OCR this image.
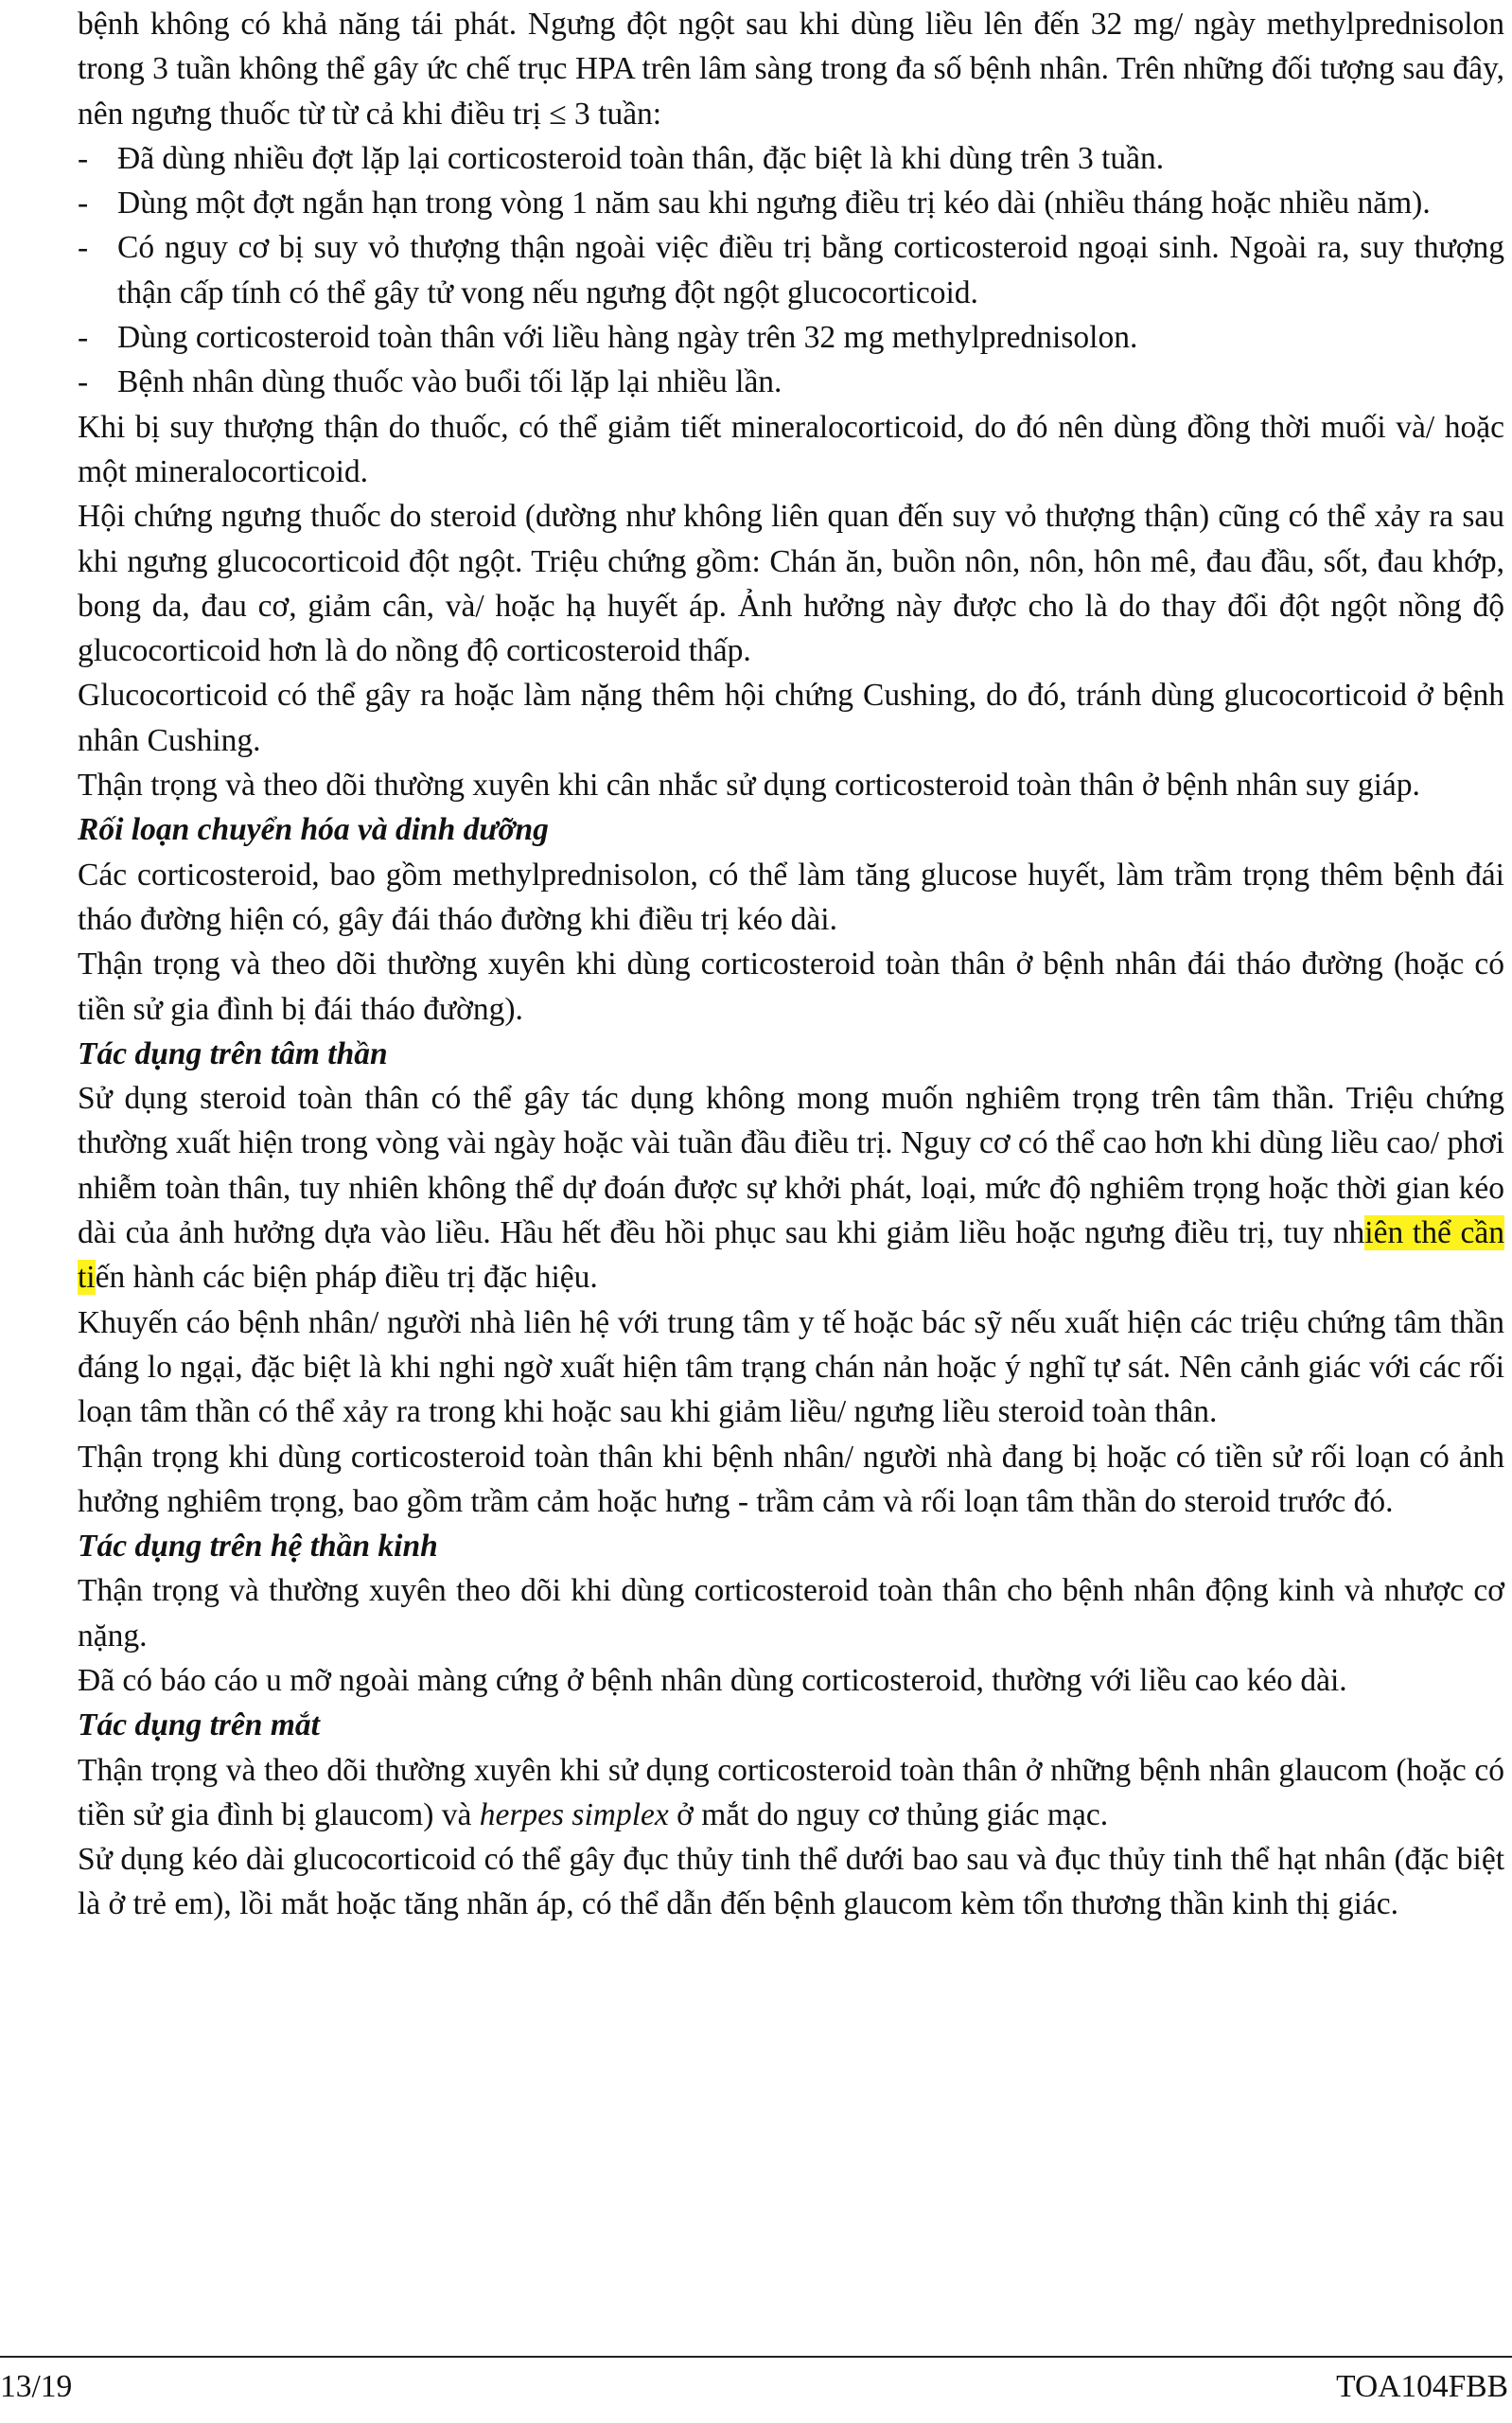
bệnh không có khả năng tái phát. Ngưng đột ngột sau khi dùng liều lên đến 32 mg/ ngày methylprednisolon trong 3 tuần không thể gây ức chế trục HPA trên lâm sàng trong đa số bệnh nhân. Trên những đối tượng sau đây, nên ngưng thuốc từ từ cả khi điều trị ≤ 3 tuần:

- Đã dùng nhiều đợt lặp lại corticosteroid toàn thân, đặc biệt là khi dùng trên 3 tuần.
- Dùng một đợt ngắn hạn trong vòng 1 năm sau khi ngưng điều trị kéo dài (nhiều tháng hoặc nhiều năm).
- Có nguy cơ bị suy vỏ thượng thận ngoài việc điều trị bằng corticosteroid ngoại sinh. Ngoài ra, suy thượng thận cấp tính có thể gây tử vong nếu ngưng đột ngột glucocorticoid.
- Dùng corticosteroid toàn thân với liều hàng ngày trên 32 mg methylprednisolon.
- Bệnh nhân dùng thuốc vào buổi tối lặp lại nhiều lần.

Khi bị suy thượng thận do thuốc, có thể giảm tiết mineralocorticoid, do đó nên dùng đồng thời muối và/ hoặc một mineralocorticoid.

Hội chứng ngưng thuốc do steroid (dường như không liên quan đến suy vỏ thượng thận) cũng có thể xảy ra sau khi ngưng glucocorticoid đột ngột. Triệu chứng gồm: Chán ăn, buồn nôn, nôn, hôn mê, đau đầu, sốt, đau khớp, bong da, đau cơ, giảm cân, và/ hoặc hạ huyết áp. Ảnh hưởng này được cho là do thay đổi đột ngột nồng độ glucocorticoid hơn là do nồng độ corticosteroid thấp.

Glucocorticoid có thể gây ra hoặc làm nặng thêm hội chứng Cushing, do đó, tránh dùng glucocorticoid ở bệnh nhân Cushing.

Thận trọng và theo dõi thường xuyên khi cân nhắc sử dụng corticosteroid toàn thân ở bệnh nhân suy giáp.

Rối loạn chuyển hóa và dinh dưỡng

Các corticosteroid, bao gồm methylprednisolon, có thể làm tăng glucose huyết, làm trầm trọng thêm bệnh đái tháo đường hiện có, gây đái tháo đường khi điều trị kéo dài.

Thận trọng và theo dõi thường xuyên khi dùng corticosteroid toàn thân ở bệnh nhân đái tháo đường (hoặc có tiền sử gia đình bị đái tháo đường).

Tác dụng trên tâm thần

Sử dụng steroid toàn thân có thể gây tác dụng không mong muốn nghiêm trọng trên tâm thần. Triệu chứng thường xuất hiện trong vòng vài ngày hoặc vài tuần đầu điều trị. Nguy cơ có thể cao hơn khi dùng liều cao/ phơi nhiễm toàn thân, tuy nhiên không thể dự đoán được sự khởi phát, loại, mức độ nghiêm trọng hoặc thời gian kéo dài của ảnh hưởng dựa vào liều. Hầu hết đều hồi phục sau khi giảm liều hoặc ngưng điều trị, tuy nhiên thể cần tiến hành các biện pháp điều trị đặc hiệu.

Khuyến cáo bệnh nhân/ người nhà liên hệ với trung tâm y tế hoặc bác sỹ nếu xuất hiện các triệu chứng tâm thần đáng lo ngại, đặc biệt là khi nghi ngờ xuất hiện tâm trạng chán nản hoặc ý nghĩ tự sát. Nên cảnh giác với các rối loạn tâm thần có thể xảy ra trong khi hoặc sau khi giảm liều/ ngưng liều steroid toàn thân.

Thận trọng khi dùng corticosteroid toàn thân khi bệnh nhân/ người nhà đang bị hoặc có tiền sử rối loạn có ảnh hưởng nghiêm trọng, bao gồm trầm cảm hoặc hưng - trầm cảm và rối loạn tâm thần do steroid trước đó.

Tác dụng trên hệ thần kinh

Thận trọng và thường xuyên theo dõi khi dùng corticosteroid toàn thân cho bệnh nhân động kinh và nhược cơ nặng.

Đã có báo cáo u mỡ ngoài màng cứng ở bệnh nhân dùng corticosteroid, thường với liều cao kéo dài.

Tác dụng trên mắt

Thận trọng và theo dõi thường xuyên khi sử dụng corticosteroid toàn thân ở những bệnh nhân glaucom (hoặc có tiền sử gia đình bị glaucom) và herpes simplex ở mắt do nguy cơ thủng giác mạc.

Sử dụng kéo dài glucocorticoid có thể gây đục thủy tinh thể dưới bao sau và đục thủy tinh thể hạt nhân (đặc biệt là ở trẻ em), lồi mắt hoặc tăng nhãn áp, có thể dẫn đến bệnh glaucom kèm tổn thương thần kinh thị giác.

13/19	TOA104FBB
